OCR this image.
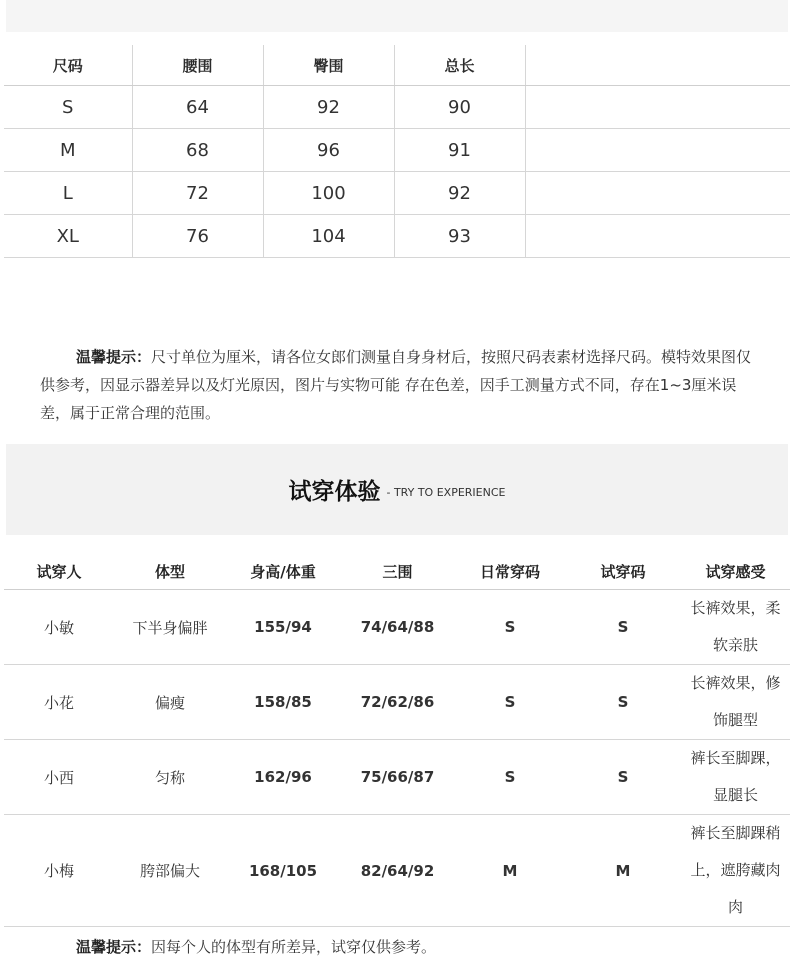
尺码	腰围	臀围	总长	
S	64	92	90	
M	68	96	91	
L	72	100	92	
XL	76	104	93	
温馨提示：尺寸单位为厘米，请各位女郎们测量自身身材后，按照尺码表素材选择尺码。模特效果图仅供参考，因显示器差异以及灯光原因，图片与实物可能 存在色差，因手工测量方式不同，存在1~3厘米误差，属于正常合理的范围。
试穿体验 - TRY TO EXPERIENCE
试穿人	体型	身高/体重	三围	日常穿码	试穿码	试穿感受
小敏	下半身偏胖	155/94	74/64/88	S	S	长裤效果，柔软亲肤
小花	偏瘦	158/85	72/62/86	S	S	长裤效果，修饰腿型
小西	匀称	162/96	75/66/87	S	S	裤长至脚踝，显腿长
小梅	胯部偏大	168/105	82/64/92	M	M	裤长至脚踝稍上，遮胯藏肉肉
温馨提示：因每个人的体型有所差异，试穿仅供参考。
